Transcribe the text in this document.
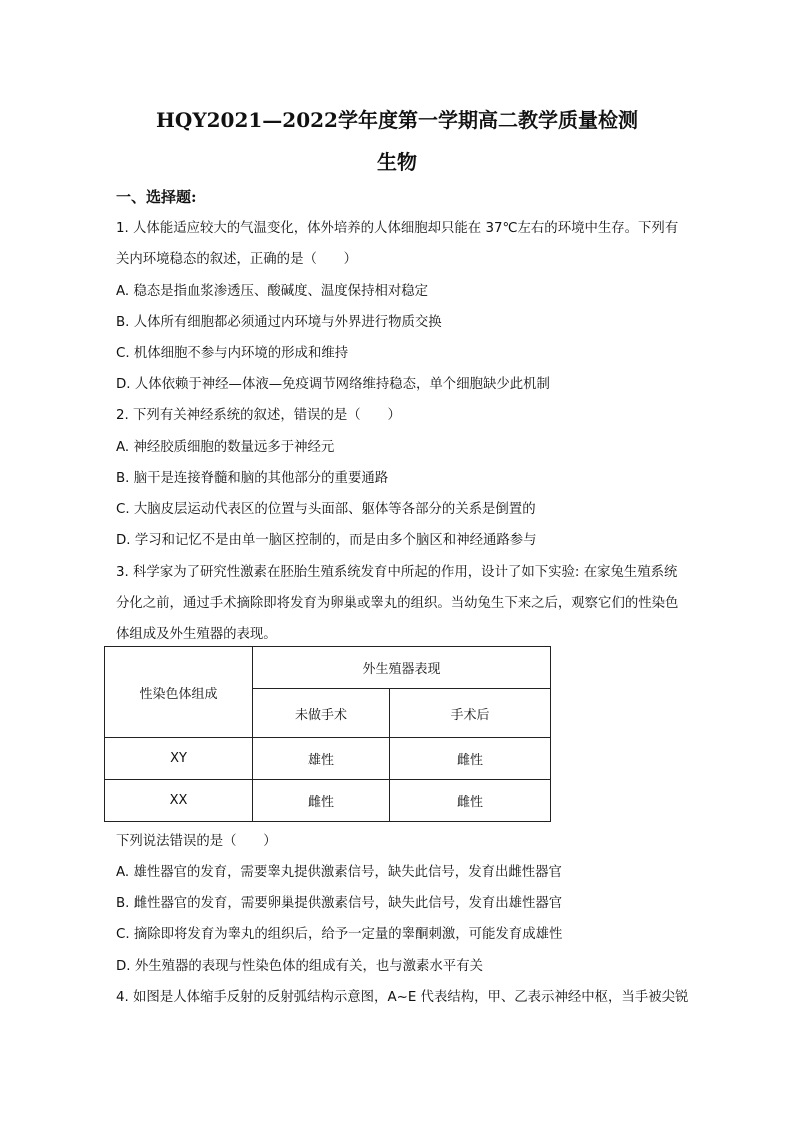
HQY2021—2022学年度第一学期高二教学质量检测
生物
一、选择题:
1. 人体能适应较大的气温变化，体外培养的人体细胞却只能在 37℃左右的环境中生存。下列有
关内环境稳态的叙述，正确的是（　　）
A. 稳态是指血浆渗透压、酸碱度、温度保持相对稳定
B. 人体所有细胞都必须通过内环境与外界进行物质交换
C. 机体细胞不参与内环境的形成和维持
D. 人体依赖于神经—体液—免疫调节网络维持稳态，单个细胞缺少此机制
2. 下列有关神经系统的叙述，错误的是（　　）
A. 神经胶质细胞的数量远多于神经元
B. 脑干是连接脊髓和脑的其他部分的重要通路
C. 大脑皮层运动代表区的位置与头面部、躯体等各部分的关系是倒置的
D. 学习和记忆不是由单一脑区控制的，而是由多个脑区和神经通路参与
3. 科学家为了研究性激素在胚胎生殖系统发育中所起的作用，设计了如下实验: 在家兔生殖系统
分化之前，通过手术摘除即将发育为卵巢或睾丸的组织。当幼兔生下来之后，观察它们的性染色
体组成及外生殖器的表现。
性染色体组成	外生殖器表现	
	未做手术	手术后
XY	雄性	雌性
XX	雌性	雌性
下列说法错误的是（　　）
A. 雄性器官的发育，需要睾丸提供激素信号，缺失此信号，发育出雌性器官
B. 雌性器官的发育，需要卵巢提供激素信号，缺失此信号，发育出雄性器官
C. 摘除即将发育为睾丸的组织后，给予一定量的睾酮刺激，可能发育成雄性
D. 外生殖器的表现与性染色体的组成有关，也与激素水平有关
4. 如图是人体缩手反射的反射弧结构示意图，A~E 代表结构，甲、乙表示神经中枢，当手被尖锐
